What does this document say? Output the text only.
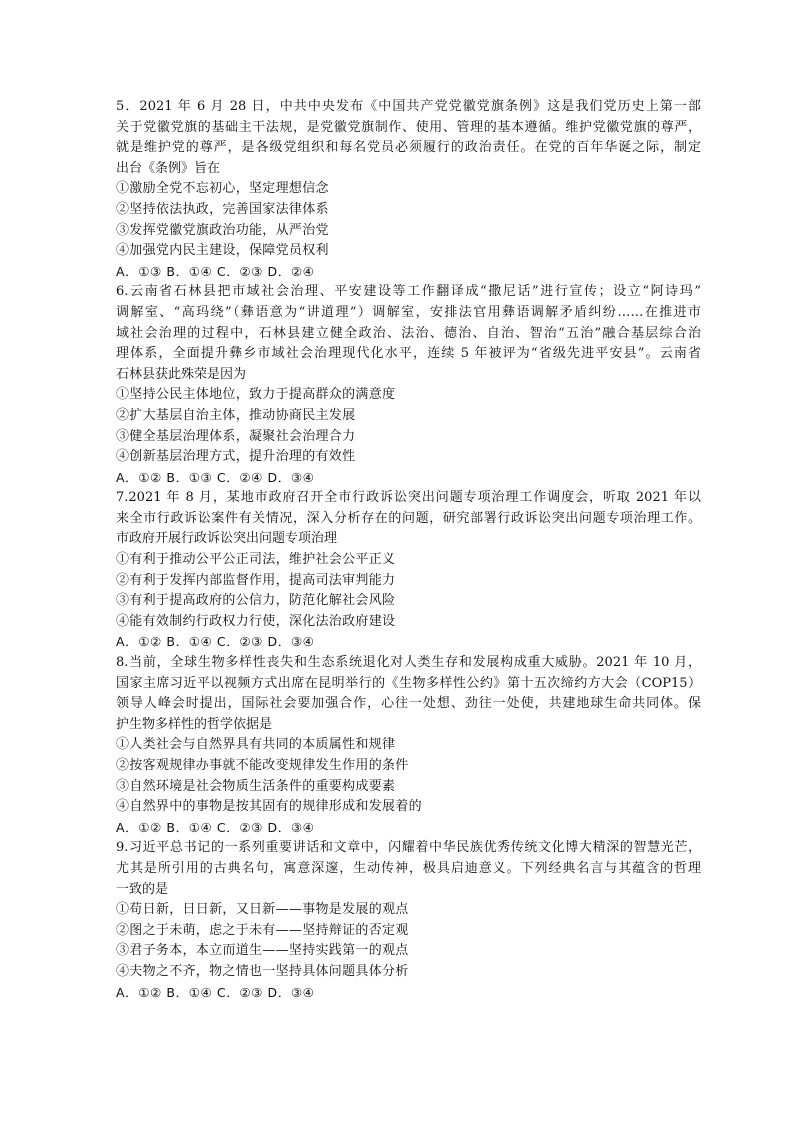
5．2021 年 6 月 28 日，中共中央发布《中国共产党党徽党旗条例》这是我们党历史上第一部
关于党徽党旗的基础主干法规，是党徽党旗制作、使用、管理的基本遵循。维护党徽党旗的尊严，
就是维护党的尊严，是各级党组织和每名党员必须履行的政治责任。在党的百年华诞之际，制定
出台《条例》旨在
①激励全党不忘初心，坚定理想信念
②坚持依法执政，完善国家法律体系
③发挥党徽党旗政治功能，从严治党
④加强党内民主建设，保障党员权利
A．①③ B．①④ C．②③ D．②④
6.云南省石林县把市域社会治理、平安建设等工作翻译成“撒尼话”进行宣传；设立“阿诗玛”
调解室、“高玛绕”（彝语意为“讲道理”）调解室，安排法官用彝语调解矛盾纠纷……在推进市
域社会治理的过程中，石林县建立健全政治、法治、德治、自治、智治“五治”融合基层综合治
理体系，全面提升彝乡市域社会治理现代化水平，连续 5 年被评为“省级先进平安县”。云南省
石林县获此殊荣是因为
①坚持公民主体地位，致力于提高群众的满意度
②扩大基层自治主体，推动协商民主发展
③健全基层治理体系，凝聚社会治理合力
④创新基层治理方式，提升治理的有效性
A．①② B．①③ C．②④ D．③④
7.2021 年 8 月，某地市政府召开全市行政诉讼突出问题专项治理工作调度会，听取 2021 年以
来全市行政诉讼案件有关情况，深入分析存在的问题，研究部署行政诉讼突出问题专项治理工作。
市政府开展行政诉讼突出问题专项治理
①有利于推动公平公正司法，维护社会公平正义
②有利于发挥内部监督作用，提高司法审判能力
③有利于提高政府的公信力，防范化解社会风险
④能有效制约行政权力行使，深化法治政府建设
A．①② B．①④ C．②③ D．③④
8.当前，全球生物多样性丧失和生态系统退化对人类生存和发展构成重大威胁。2021 年 10 月，
国家主席习近平以视频方式出席在昆明举行的《生物多样性公约》第十五次缔约方大会（COP15）
领导人峰会时提出，国际社会要加强合作，心往一处想、劲往一处使，共建地球生命共同体。保
护生物多样性的哲学依据是
①人类社会与自然界具有共同的本质属性和规律
②按客观规律办事就不能改变规律发生作用的条件
③自然环境是社会物质生活条件的重要构成要素
④自然界中的事物是按其固有的规律形成和发展着的
A．①② B．①④ C．②③ D．③④
9.习近平总书记的一系列重要讲话和文章中，闪耀着中华民族优秀传统文化博大精深的智慧光芒，
尤其是所引用的古典名句，寓意深邃，生动传神，极具启迪意义。下列经典名言与其蕴含的哲理
一致的是
①苟日新，日日新，又日新——事物是发展的观点
②图之于未萌，虑之于未有——坚持辩证的否定观
③君子务本，本立而道生——坚持实践第一的观点
④夫物之不齐，物之情也一坚持具体问题具体分析
A．①② B．①④ C．②③ D．③④
